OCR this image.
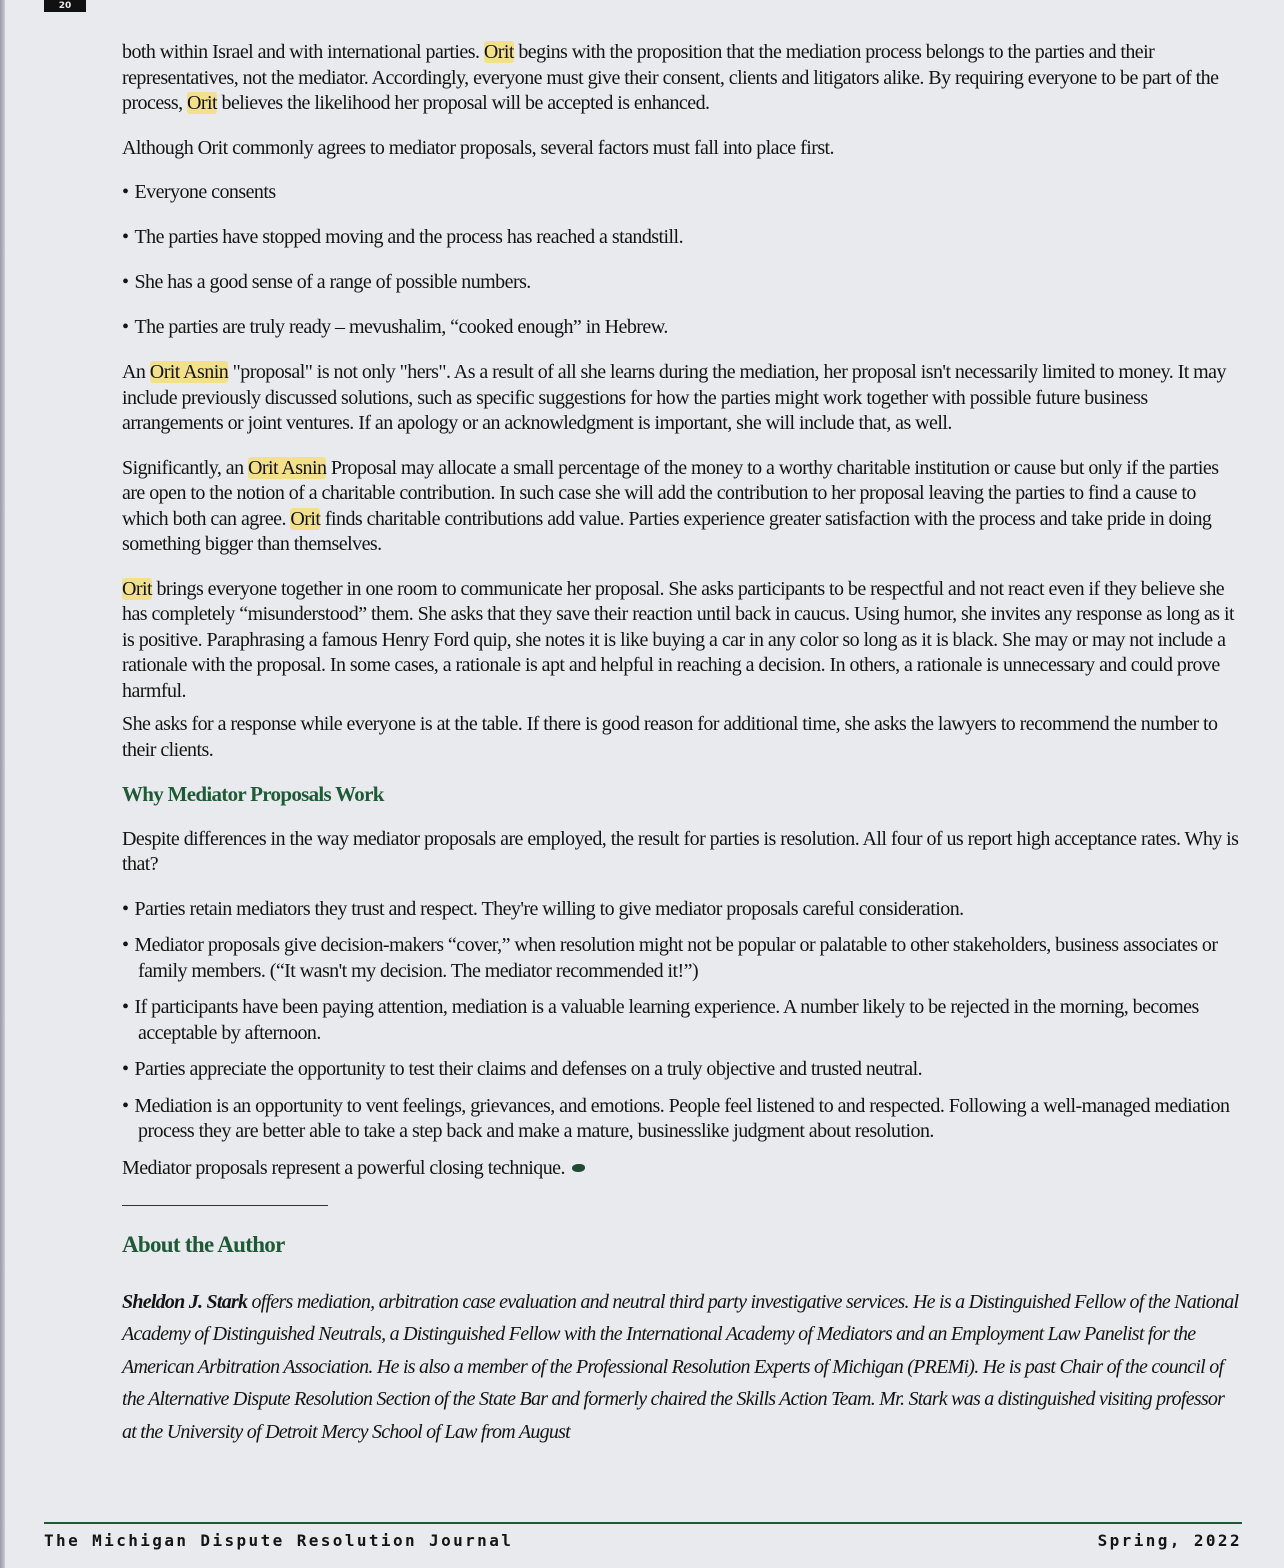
20

both within Israel and with international parties. Orit begins with the proposition that the mediation process belongs to the parties and their representatives, not the mediator. Accordingly, everyone must give their consent, clients and litigators alike. By requiring everyone to be part of the process, Orit believes the likelihood her proposal will be accepted is enhanced.

Although Orit commonly agrees to mediator proposals, several factors must fall into place first.

• Everyone consents
• The parties have stopped moving and the process has reached a standstill.
• She has a good sense of a range of possible numbers.
• The parties are truly ready – mevushalim, “cooked enough” in Hebrew.

An Orit Asnin "proposal" is not only "hers". As a result of all she learns during the mediation, her proposal isn't necessarily limited to money. It may include previously discussed solutions, such as specific suggestions for how the parties might work together with possible future business arrangements or joint ventures. If an apology or an acknowledgment is important, she will include that, as well.

Significantly, an Orit Asnin Proposal may allocate a small percentage of the money to a worthy charitable institution or cause but only if the parties are open to the notion of a charitable contribution. In such case she will add the contribution to her proposal leaving the parties to find a cause to which both can agree. Orit finds charitable contributions add value. Parties experience greater satisfaction with the process and take pride in doing something bigger than themselves.

Orit brings everyone together in one room to communicate her proposal. She asks participants to be respectful and not react even if they believe she has completely “misunderstood” them. She asks that they save their reaction until back in caucus. Using humor, she invites any response as long as it is positive. Paraphrasing a famous Henry Ford quip, she notes it is like buying a car in any color so long as it is black. She may or may not include a rationale with the proposal. In some cases, a rationale is apt and helpful in reaching a decision. In others, a rationale is unnecessary and could prove harmful.

She asks for a response while everyone is at the table. If there is good reason for additional time, she asks the lawyers to recommend the number to their clients.

Why Mediator Proposals Work

Despite differences in the way mediator proposals are employed, the result for parties is resolution. All four of us report high acceptance rates. Why is that?

• Parties retain mediators they trust and respect. They're willing to give mediator proposals careful consideration.
• Mediator proposals give decision-makers “cover,” when resolution might not be popular or palatable to other stakeholders, business associates or family members. (“It wasn't my decision. The mediator recommended it!”)
• If participants have been paying attention, mediation is a valuable learning experience. A number likely to be rejected in the morning, becomes acceptable by afternoon.
• Parties appreciate the opportunity to test their claims and defenses on a truly objective and trusted neutral.
• Mediation is an opportunity to vent feelings, grievances, and emotions. People feel listened to and respected. Following a well-managed mediation process they are better able to take a step back and make a mature, businesslike judgment about resolution.

Mediator proposals represent a powerful closing technique.

About the Author

Sheldon J. Stark offers mediation, arbitration case evaluation and neutral third party investigative services. He is a Distinguished Fellow of the National Academy of Distinguished Neutrals, a Distinguished Fellow with the International Academy of Mediators and an Employment Law Panelist for the American Arbitration Association. He is also a member of the Professional Resolution Experts of Michigan (PREMi). He is past Chair of the council of the Alternative Dispute Resolution Section of the State Bar and formerly chaired the Skills Action Team. Mr. Stark was a distinguished visiting professor at the University of Detroit Mercy School of Law from August

The Michigan Dispute Resolution Journal	Spring, 2022
